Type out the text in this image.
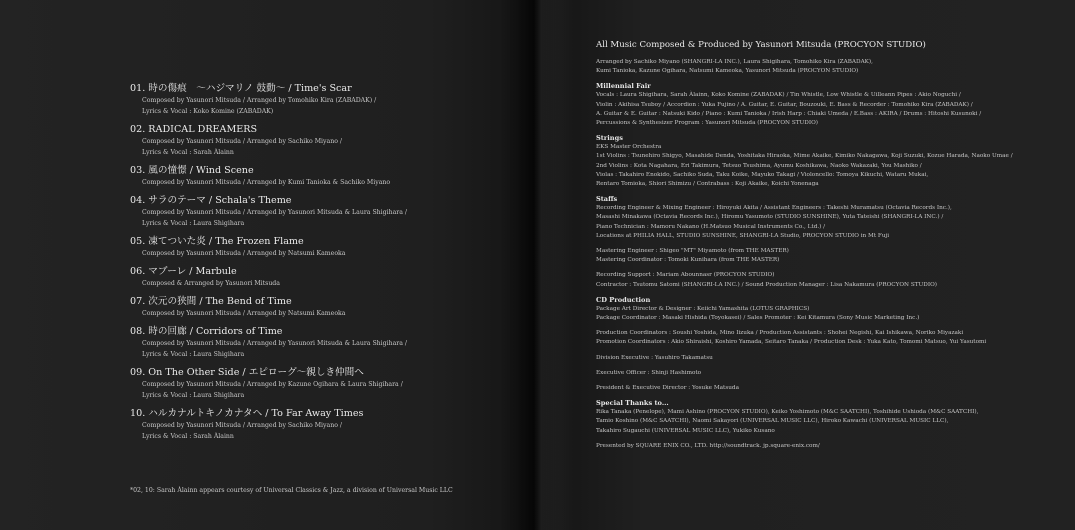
01. 時の傷痕　〜ハジマリノ 鼓動〜 / Time's Scar
Composed by Yasunori Mitsuda / Arranged by Tomohiko Kira (ZABADAK) /
Lyrics & Vocal : Koko Komine (ZABADAK)
02. RADICAL DREAMERS
Composed by Yasunori Mitsuda / Arranged by Sachiko Miyano /
Lyrics & Vocal : Sarah Àlainn
03. 風の憧憬 / Wind Scene
Composed by Yasunori Mitsuda / Arranged by Kumi Tanioka & Sachiko Miyano
04. サラのテーマ / Schala's Theme
Composed by Yasunori Mitsuda / Arranged by Yasunori Mitsuda & Laura Shigihara /
Lyrics & Vocal : Laura Shigihara
05. 凍てついた炎 / The Frozen Flame
Composed by Yasunori Mitsuda / Arranged by Natsumi Kameoka
06. マブーレ / Marbule
Composed & Arranged by Yasunori Mitsuda
07. 次元の狭間 / The Bend of Time
Composed by Yasunori Mitsuda / Arranged by Natsumi Kameoka
08. 時の回廊 / Corridors of Time
Composed by Yasunori Mitsuda / Arranged by Yasunori Mitsuda & Laura Shigihara /
Lyrics & Vocal : Laura Shigihara
09. On The Other Side / エピローグ〜親しき仲間へ
Composed by Yasunori Mitsuda / Arranged by Kazune Ogihara & Laura Shigihara /
Lyrics & Vocal : Laura Shigihara
10. ハルカナルトキノカナタヘ / To Far Away Times
Composed by Yasunori Mitsuda / Arranged by Sachiko Miyano /
Lyrics & Vocal : Sarah Àlainn
*02, 10: Sarah Àlainn appears courtesy of Universal Classics & Jazz, a division of Universal Music LLC
All Music Composed & Produced by Yasunori Mitsuda (PROCYON STUDIO)
Arranged by Sachiko Miyano (SHANGRI-LA INC.), Laura Shigihara, Tomohiko Kira (ZABADAK),
Kumi Tanioka, Kazune Ogihara, Natsumi Kameoka, Yasunori Mitsuda (PROCYON STUDIO)
Millennial Fair
Vocals : Laura Shigihara, Sarah Àlainn, Koko Komine (ZABADAK) / Tin Whistle, Low Whistle & Uilleann Pipes : Akio Noguchi /
Violin : Akihisa Tsuboy / Accordion : Yuka Fujino / A. Guitar, E. Guitar, Bouzouki, E. Bass & Recorder : Tomohiko Kira (ZABADAK) /
A. Guitar & E. Guitar : Natsuki Kido / Piano : Kumi Tanioka / Irish Harp : Chiaki Umeda / E.Bass : AKIRA / Drums : Hitoshi Kusunoki /
Percussions & Synthesizer Program : Yasunori Mitsuda (PROCYON STUDIO)
Strings
EKS Master Orchestra
1st Violins : Tsunehiro Shigyo, Masahide Denda, Yoshitaka Hiraoka, Mime Akaike, Kimiko Nakagawa, Koji Suzuki, Kozue Harada, Naoko Umae /
2nd Violins : Kota Nagahara, Eri Takimura, Tetsuo Tsushima, Ayumu Koshikawa, Naoko Wakazaki, You Mashiko /
Violas : Takahiro Enokido, Sachiko Suda, Taku Koike, Mayuko Takagi / Violoncello: Tomoya Kikuchi, Wataru Mukai,
Rentaro Tomioka, Shiori Shimizu / Contrabass : Koji Akaike, Koichi Yonenaga
Staffs
Recording Engineer & Mixing Engineer : Hiroyuki Akita / Assistant Engineers : Takeshi Muramatsu (Octavia Records Inc.),
Masashi Minakawa (Octavia Records Inc.), Hiromu Yasumoto (STUDIO SUNSHINE), Yuta Tateishi (SHANGRI-LA INC.) /
Piano Technician : Mamoru Nakano (H.Matsuo Musical Instruments Co., Ltd.) /
Locations at PHILIA HALL, STUDIO SUNSHINE, SHANGRI-LA Studio, PROCYON STUDIO in Mt Fuji
Mastering Engineer : Shigeo "MT" Miyamoto (from THE MASTER)
Mastering Coordinator : Tomoki Kunihara (from THE MASTER)
Recording Support : Mariam Abounnasr (PROCYON STUDIO)
Contractor : Tsutomu Satomi (SHANGRI-LA INC.) / Sound Production Manager : Lisa Nakamura (PROCYON STUDIO)
CD Production
Package Art Director & Designer : Keiichi Yamashita (LOTUS GRAPHICS)
Package Coordinator : Masaki Hishida (Toyokasei) / Sales Promoter : Kei Kitamura (Sony Music Marketing Inc.)
Production Coordinators : Soushi Yoshida, Mino Iizuka / Production Assistants : Shohei Negishi, Kai Ishikawa, Noriko Miyazaki
Promotion Coordinators : Akio Shiraishi, Koshiro Yamada, Seitaro Tanaka / Production Desk : Yuka Kato, Tomomi Matsuo, Yui Yasutomi
Division Executive : Yasuhiro Takamatsu
Executive Officer : Shinji Hashimoto
President & Executive Director : Yosuke Matsuda
Special Thanks to...
Rika Tanaka (Penelope), Mami Ashino (PROCYON STUDIO), Keiko Yoshimoto (M&C SAATCHI), Toshihide Ushioda (M&C SAATCHI),
Tamio Koshino (M&C SAATCHI), Naomi Sakayori (UNIVERSAL MUSIC LLC), Hiroko Kawachi (UNIVERSAL MUSIC LLC),
Takahiro Sugauchi (UNIVERSAL MUSIC LLC), Yukiko Kusano
Presented by SQUARE ENIX CO., LTD. http://soundtrack. jp.square-enix.com/
